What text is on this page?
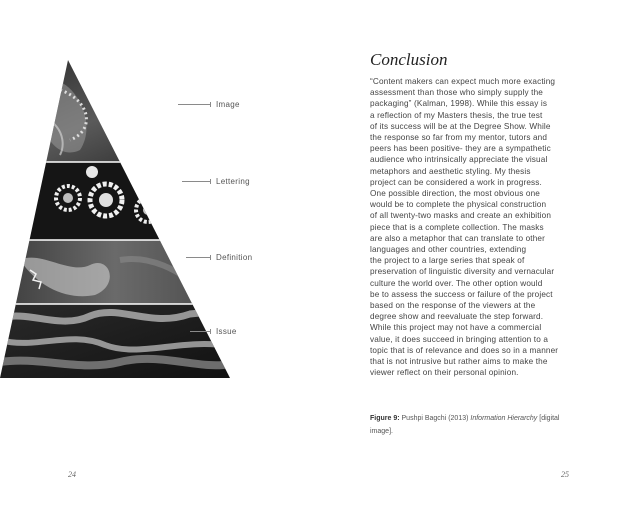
Image
Lettering
Definition
Issue
24
Conclusion

“Content makers can expect much more exacting
assessment than those who simply supply the
packaging” (Kalman, 1998). While this essay is
a reflection of my Masters thesis, the true test
of its success will be at the Degree Show. While
the response so far from my mentor, tutors and
peers has been positive- they are a sympathetic
audience who intrinsically appreciate the visual
metaphors and aesthetic styling. My thesis
project can be considered a work in progress.
One possible direction, the most obvious one
would be to complete the physical construction
of all twenty-two masks and create an exhibition
piece that is a complete collection. The masks
are also a metaphor that can translate to other
languages and other countries, extending
the project to a large series that speak of
preservation of linguistic diversity and vernacular
culture the world over. The other option would
be to assess the success or failure of the project
based on the response of the viewers at the
degree show and reevaluate the step forward.
While this project may not have a commercial
value, it does succeed in bringing attention to a
topic that is of relevance and does so in a manner
that is not intrusive but rather aims to make the
viewer reflect on their personal opinion.

Figure 9: Pushpi Bagchi (2013) Information Hierarchy [digital image].
25
